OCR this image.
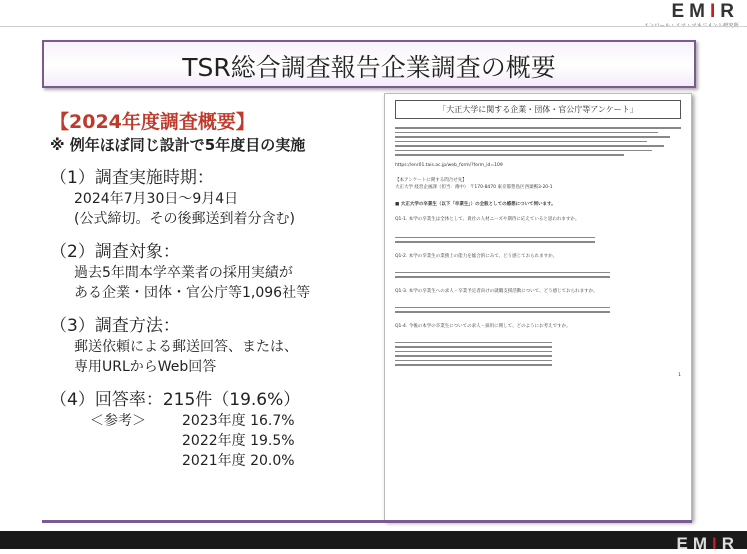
EMIR
TSR総合調査報告企業調査の概要
【2024年度調査概要】
※ 例年ほぼ同じ設計で5年度目の実施
（1）調査実施時期：
2024年7月30日～9月4日
(公式締切。その後郵送到着分含む)
（2）調査対象：
過去5年間本学卒業者の採用実績が
ある企業・団体・官公庁等1,096社等
（3）調査方法：
郵送依頼による郵送回答、または、
専用URLからWeb回答
（4）回答率：215件（19.6%）
＜参考＞	2023年度 16.7%
2022年度 19.5%
2021年度 20.0%
「大正大学に関する企業・団体・官公庁等アンケート」

https://enr01.tais.ac.jp/web_form/?form_id=109

【本アンケートに関する問合せ先】

大正大学 経営企画課（担当：薄中） 〒170-8470 東京都豊島区西巣鴨3-20-1

■ 大正大学の卒業生（以下「卒業生」）の全般としての感想について伺います。

Q1-1. 本学の卒業生は全体として、貴社の人材ニーズや期待に応えていると思われますか。

Q1-2. 本学の卒業生の業務上の能力を総合的にみて、どう感じておられますか。

Q1-3. 本学の卒業生への求人・卒業予定者向けの就職支援活動について、どう感じておられますか。

Q1-4. 今後の本学の卒業生についての求人・採用に関して、どのようにお考えですか。

1

EMIR
